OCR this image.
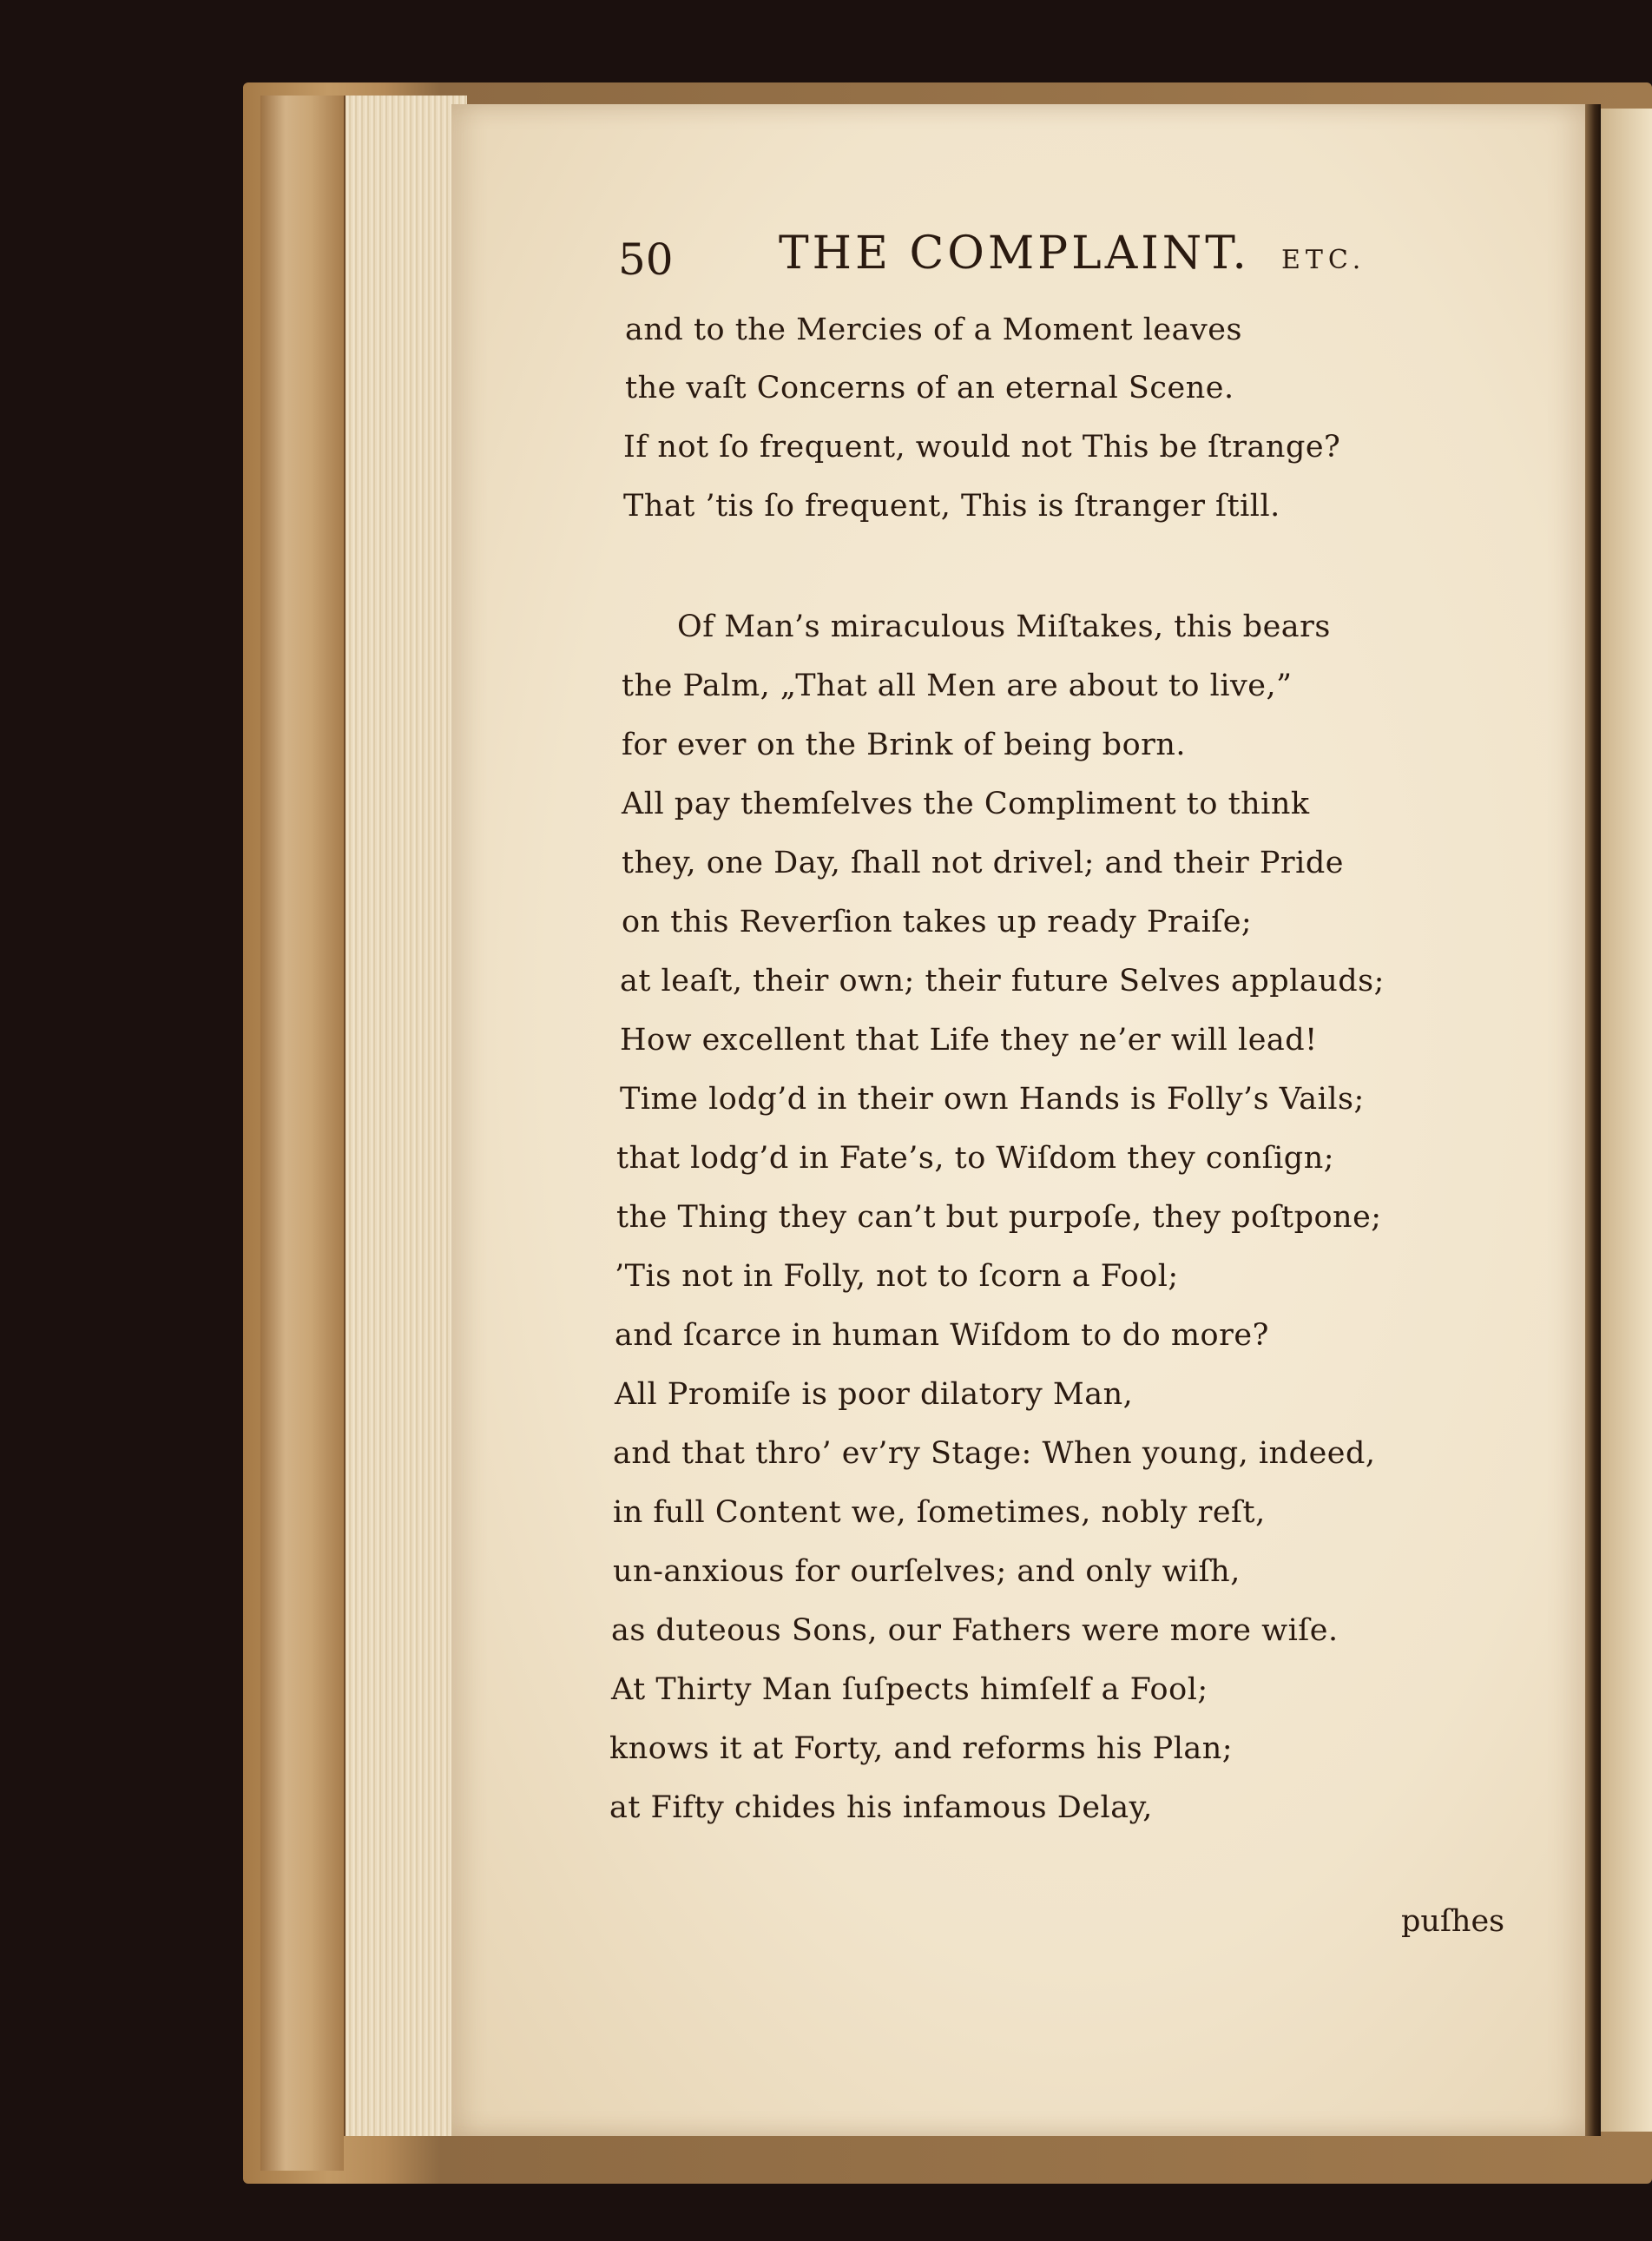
50 THE COMPLAINT. ETC.
and to the Mercies of a Moment leaves
the vaſt Concerns of an eternal Scene.
If not ſo frequent, would not This be ſtrange?
That ’tis ſo frequent, This is ſtranger ſtill.
Of Man’s miraculous Miſtakes, this bears
the Palm, „That all Men are about to live,”
for ever on the Brink of being born.
All pay themſelves the Compliment to think
they, one Day, ſhall not drivel; and their Pride
on this Reverſion takes up ready Praiſe;
at leaſt, their own; their future Selves applauds;
How excellent that Life they ne’er will lead!
Time lodg’d in their own Hands is Folly’s Vails;
that lodg’d in Fate’s, to Wiſdom they conſign;
the Thing they can’t but purpoſe, they poſtpone;
’Tis not in Folly, not to ſcorn a Fool;
and ſcarce in human Wiſdom to do more?
All Promiſe is poor dilatory Man,
and that thro’ ev’ry Stage: When young, indeed,
in full Content we, ſometimes, nobly reſt,
un-anxious for ourſelves; and only wiſh,
as duteous Sons, our Fathers were more wiſe.
At Thirty Man ſuſpects himſelf a Fool;
knows it at Forty, and reforms his Plan;
at Fifty chides his infamous Delay,
puſhes
